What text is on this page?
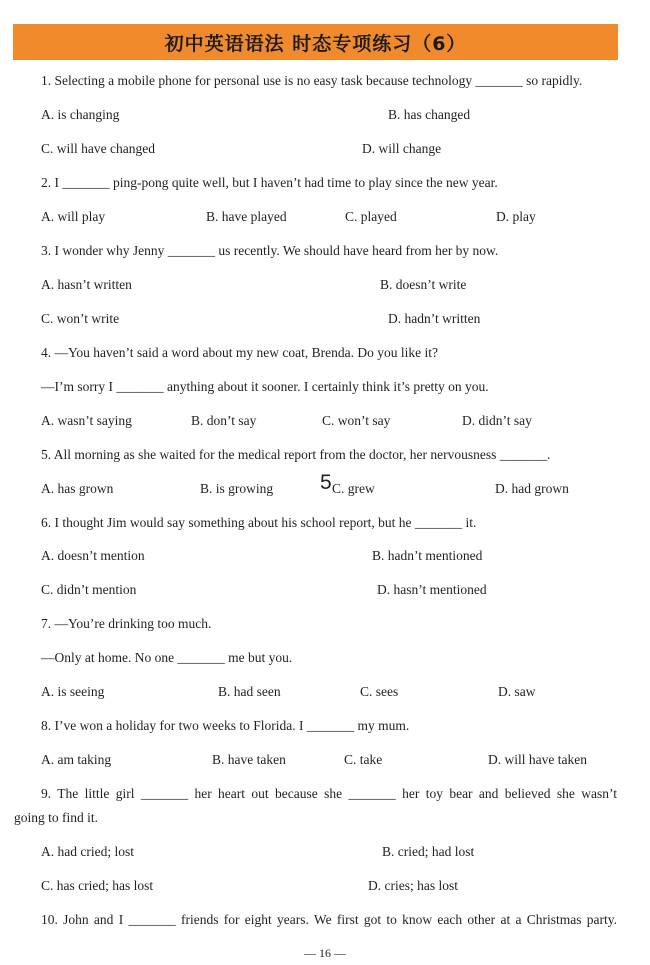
初中英语语法 时态专项练习（6）
1. Selecting a mobile phone for personal use is no easy task because technology _______ so rapidly.
A. is changing	B. has changed
C. will have changed	D. will change
2. I _______ ping-pong quite well, but I haven’t had time to play since the new year.
A. will play	B. have played	C. played	D. play
3. I wonder why Jenny _______ us recently. We should have heard from her by now.
A. hasn’t written	B. doesn’t write
C. won’t write	D. hadn’t written
4. —You haven’t said a word about my new coat, Brenda. Do you like it?
—I’m sorry I _______ anything about it sooner. I certainly think it’s pretty on you.
A. wasn’t saying	B. don’t say	C. won’t say	D. didn’t say
5. All morning as she waited for the medical report from the doctor, her nervousness _______.
A. has grown	B. is growing 5 C. grew	D. had grown
6. I thought Jim would say something about his school report, but he _______ it.
A. doesn’t mention	B. hadn’t mentioned
C. didn’t mention	D. hasn’t mentioned
7. —You’re drinking too much.
—Only at home. No one _______ me but you.
A. is seeing	B. had seen	C. sees	D. saw
8. I’ve won a holiday for two weeks to Florida. I _______ my mum.
A. am taking	B. have taken	C. take	D. will have taken
9. The little girl _______ her heart out because she _______ her toy bear and believed she wasn’t
going to find it.
A. had cried; lost	B. cried; had lost
C. has cried; has lost	D. cries; has lost
10. John and I _______ friends for eight years. We first got to know each other at a Christmas party.
— 16 —
